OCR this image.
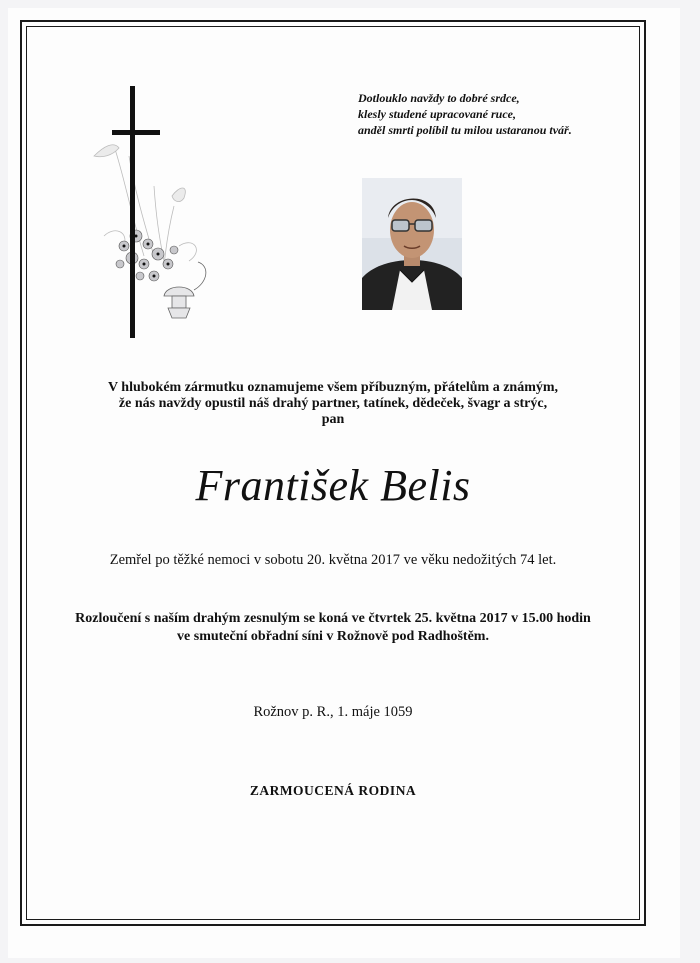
Dotlouklo navždy to dobré srdce,
klesly studené upracované ruce,
anděl smrti políbil tu milou ustaranou tvář.
V hlubokém zármutku oznamujeme všem příbuzným, přátelům a známým,
že nás navždy opustil náš drahý partner, tatínek, dědeček, švagr a strýc,
pan
František Belis
Zemřel po těžké nemoci v sobotu 20. května 2017 ve věku nedožitých 74 let.
Rozloučení s naším drahým zesnulým se koná ve čtvrtek 25. května 2017 v 15.00 hodin
ve smuteční obřadní síni v Rožnově pod Radhoštěm.
Rožnov p. R., 1. máje 1059
ZARMOUCENÁ RODINA
